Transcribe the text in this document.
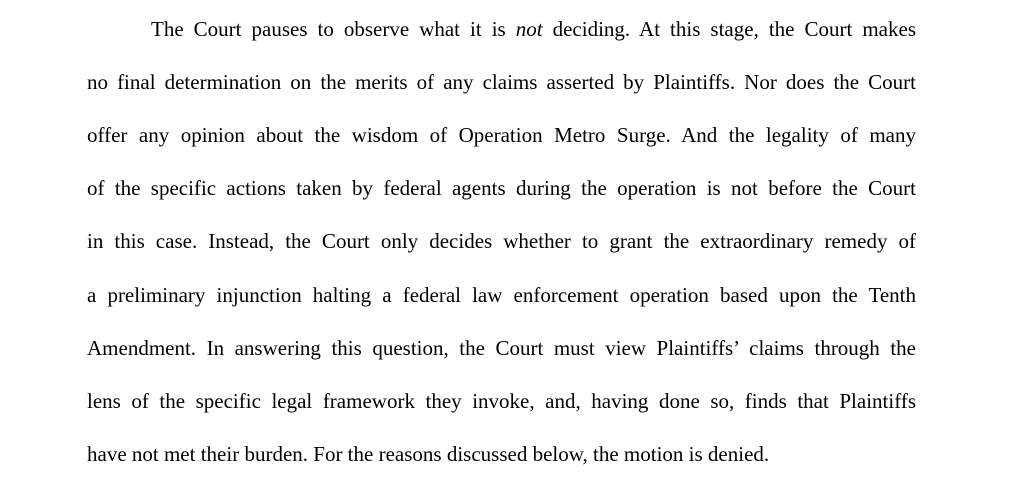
The Court pauses to observe what it is not deciding. At this stage, the Court makes
no final determination on the merits of any claims asserted by Plaintiffs. Nor does the Court
offer any opinion about the wisdom of Operation Metro Surge. And the legality of many
of the specific actions taken by federal agents during the operation is not before the Court
in this case. Instead, the Court only decides whether to grant the extraordinary remedy of
a preliminary injunction halting a federal law enforcement operation based upon the Tenth
Amendment. In answering this question, the Court must view Plaintiffs’ claims through the
lens of the specific legal framework they invoke, and, having done so, finds that Plaintiffs
have not met their burden. For the reasons discussed below, the motion is denied.
